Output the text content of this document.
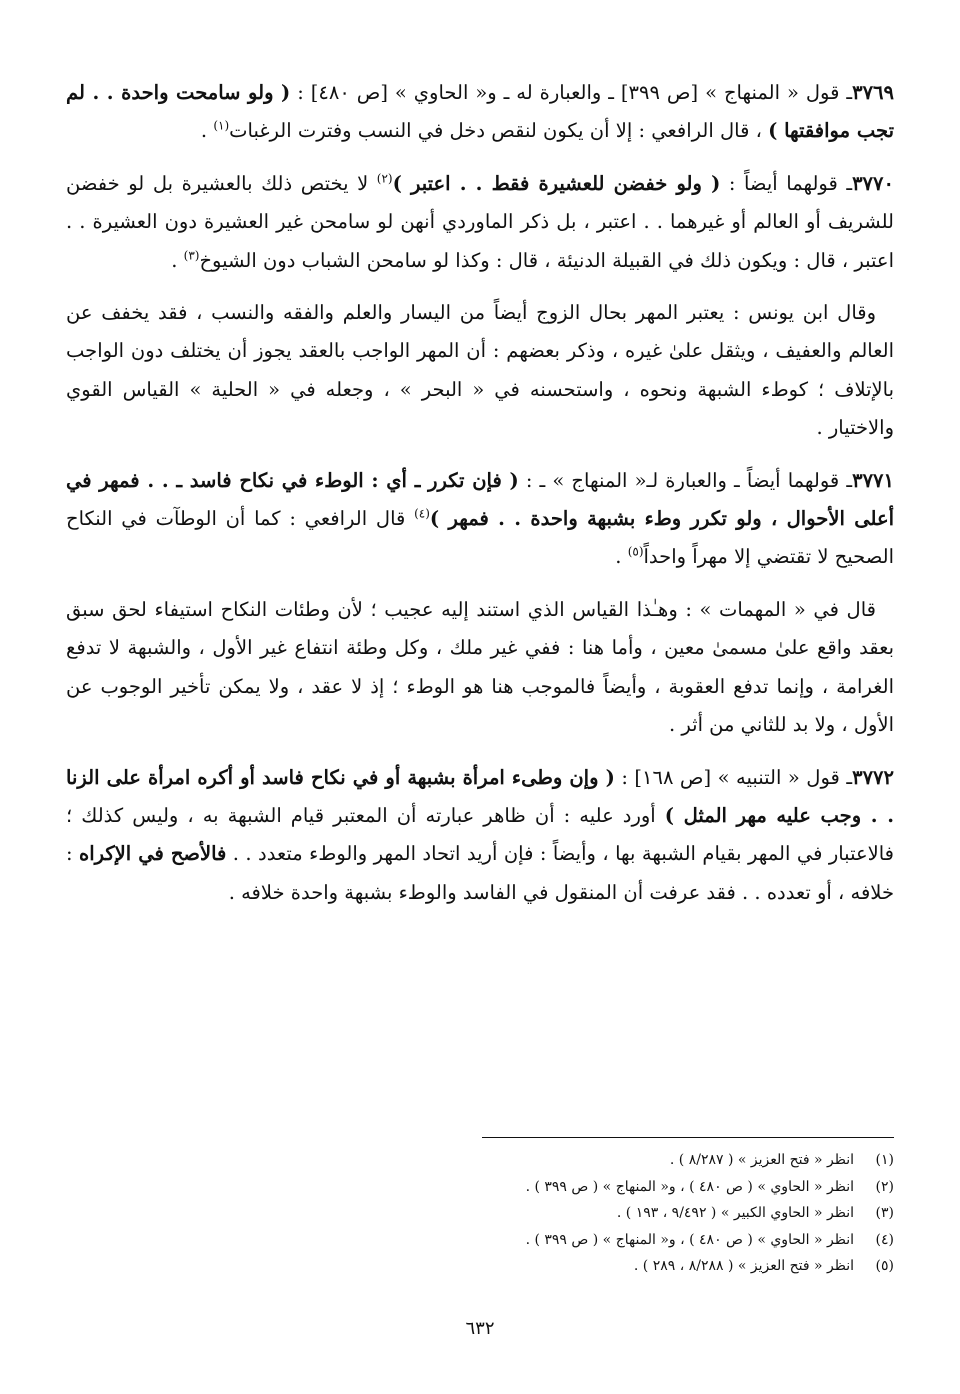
٣٧٦٩ـ قول « المنهاج » [ص ٣٩٩] ـ والعبارة له ـ و« الحاوي » [ص ٤٨٠] : ( ولو سامحت واحدة . . لم تجب موافقتها ) ، قال الرافعي : إلا أن يكون لنقص دخل في النسب وفترت الرغبات$^{(١)}$ .

٣٧٧٠ـ قولهما أيضاً : ( ولو خفضن للعشيرة فقط . . اعتبر )$^{(٢)}$ لا يختص ذلك بالعشيرة بل لو خفضن للشريف أو العالم أو غيرهما . . اعتبر ، بل ذكر الماوردي أنهن لو سامحن غير العشيرة دون العشيرة . . اعتبر ، قال : ويكون ذلك في القبيلة الدنيئة ، قال : وكذا لو سامحن الشباب دون الشيوخ$^{(٣)}$ .

وقال ابن يونس : يعتبر المهر بحال الزوج أيضاً من اليسار والعلم والفقه والنسب ، فقد يخفف عن العالم والعفيف ، ويثقل علىٰ غيره ، وذكر بعضهم : أن المهر الواجب بالعقد يجوز أن يختلف دون الواجب بالإتلاف ؛ كوطء الشبهة ونحوه ، واستحسنه في « البحر » ، وجعله في « الحلية » القياس القوي والاختيار .

٣٧٧١ـ قولهما أيضاً ـ والعبارة لـ« المنهاج » ـ : ( فإن تكرر ـ أي : الوطء في نكاح فاسد ـ . . فمهر في أعلى الأحوال ، ولو تكرر وطء بشبهة واحدة . . فمهر )$^{(٤)}$ قال الرافعي : كما أن الوطآت في النكاح الصحيح لا تقتضي إلا مهراً واحداً$^{(٥)}$ .

قال في « المهمات » : وهـٰذا القياس الذي استند إليه عجيب ؛ لأن وطئات النكاح استيفاء لحق سبق بعقد واقع علىٰ مسمىٰ معين ، وأما هنا : ففي غير ملك ، وكل وطئة انتفاع غير الأول ، والشبهة لا تدفع الغرامة ، وإنما تدفع العقوبة ، وأيضاً فالموجب هنا هو الوطء ؛ إذ لا عقد ، ولا يمكن تأخير الوجوب عن الأول ، ولا بد للثاني من أثر .

٣٧٧٢ـ قول « التنبيه » [ص ١٦٨] : ( وإن وطىء امرأة بشبهة أو في نكاح فاسد أو أكره امرأة على الزنا . . وجب عليه مهر المثل ) أورد عليه : أن ظاهر عبارته أن المعتبر قيام الشبهة به ، وليس كذلك ؛ فالاعتبار في المهر بقيام الشبهة بها ، وأيضاً : فإن أريد اتحاد المهر والوطء متعدد . . فالأصح في الإكراه : خلافه ، أو تعدده . . فقد عرفت أن المنقول في الفاسد والوطء بشبهة واحدة خلافه .

(١)انظر « فتح العزيز » ( ٨/٢٨٧ ) .
(٢)انظر « الحاوي » ( ص ٤٨٠ ) ، و« المنهاج » ( ص ٣٩٩ ) .
(٣)انظر « الحاوي الكبير » ( ٩/٤٩٢ ، ١٩٣ ) .
(٤)انظر « الحاوي » ( ص ٤٨٠ ) ، و« المنهاج » ( ص ٣٩٩ ) .
(٥)انظر « فتح العزيز » ( ٨/٢٨٨ ، ٢٨٩ ) .
٦٣٢
